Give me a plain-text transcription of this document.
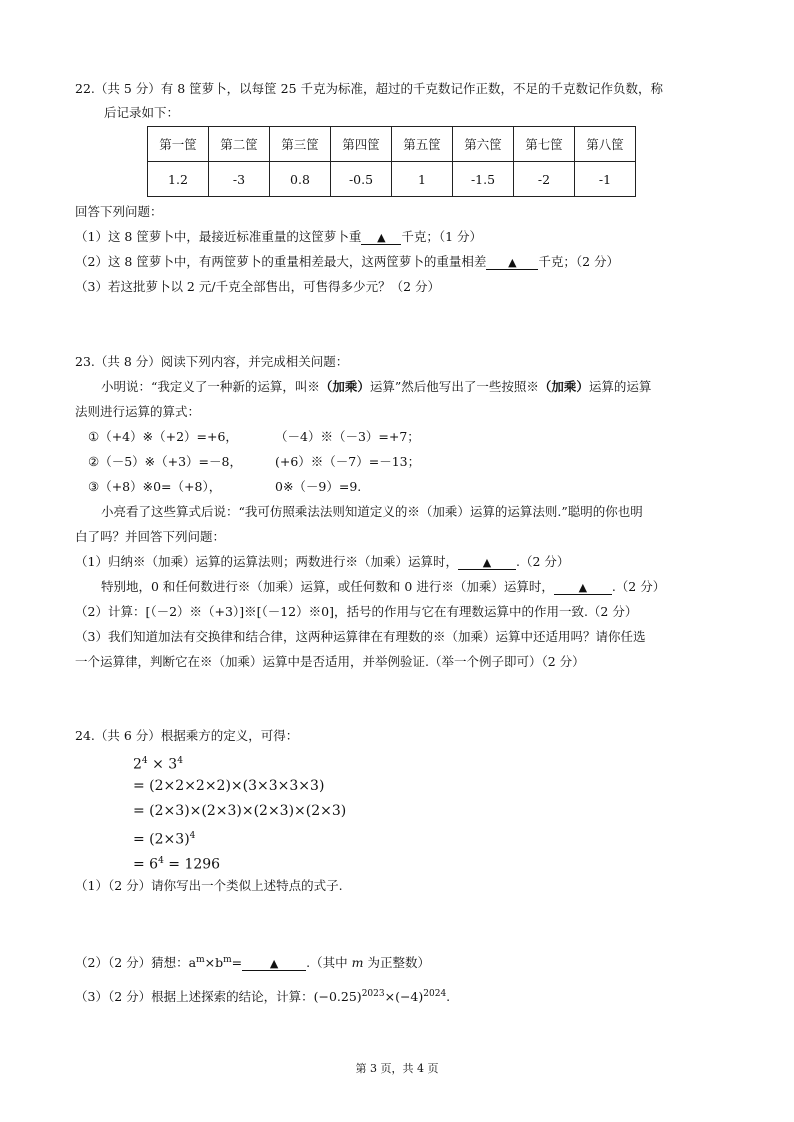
22.（共 5 分）有 8 筐萝卜，以每筐 25 千克为标准，超过的千克数记作正数，不足的千克数记作负数，称
后记录如下：
第一筐	第二筐	第三筐	第四筐	第五筐	第六筐	第七筐	第八筐
1.2	-3	0.8	-0.5	1	-1.5	-2	-1
回答下列问题：
（1）这 8 筐萝卜中，最接近标准重量的这筐萝卜重 ▲ 千克；（1 分）
（2）这 8 筐萝卜中，有两筐萝卜的重量相差最大，这两筐萝卜的重量相差 ▲ 千克；（2 分）
（3）若这批萝卜以 2 元/千克全部售出，可售得多少元？（2 分）
23.（共 8 分）阅读下列内容，并完成相关问题：
小明说：“我定义了一种新的运算，叫※（加乘）运算”然后他写出了一些按照※（加乘）运算的运算
法则进行运算的算式：
①（+4）※（+2）=+6，	（－4）※（－3）=+7；
②（－5）※（+3）=－8，	(+6）※（－7）=－13；
③（+8）※0=（+8），	0※（－9）=9.
小亮看了这些算式后说：“我可仿照乘法法则知道定义的※（加乘）运算的运算法则.”聪明的你也明
白了吗？并回答下列问题：
（1）归纳※（加乘）运算的运算法则；两数进行※（加乘）运算时， ▲ .（2 分）
特别地，0 和任何数进行※（加乘）运算，或任何数和 0 进行※（加乘）运算时， ▲ .（2 分）
（2）计算：[（－2）※（+3）]※[（－12）※0]，括号的作用与它在有理数运算中的作用一致.（2 分）
（3）我们知道加法有交换律和结合律，这两种运算律在有理数的※（加乘）运算中还适用吗？请你任选
一个运算律，判断它在※（加乘）运算中是否适用，并举例验证.（举一个例子即可）（2 分）
24.（共 6 分）根据乘方的定义，可得：
$2^4 \times 3^4$
= (2×2×2×2)×(3×3×3×3)
= (2×3)×(2×3)×(2×3)×(2×3)
= $(2\times 3)^4$
= $6^4 = 1296$
（1）（2 分）请你写出一个类似上述特点的式子.
（2）（2 分）猜想：$a^m\times b^m=$	▲ .（其中 m 为正整数）
（3）（2 分）根据上述探索的结论，计算：$(-0.25)^{2023}\times(-4)^{2024}$.
第 3 页，共 4 页
